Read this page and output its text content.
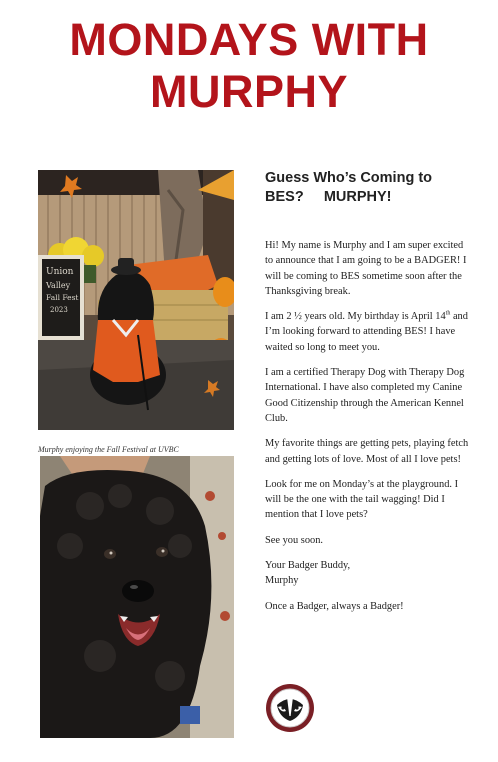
MONDAYS WITH
MURPHY
Union
Valley
Fall Fest
2023
Murphy enjoying the Fall Festival at UVBC
Guess Who’s Coming to
BES?     MURPHY!

Hi! My name is Murphy and I am super excited to announce that I am going to be a BADGER! I will be coming to BES sometime soon after the Thanksgiving break.

I am 2 ½ years old. My birthday is April 14th and I’m looking forward to attending BES! I have waited so long to meet you.

I am a certified Therapy Dog with Therapy Dog International. I have also completed my Canine Good Citizenship through the American Kennel Club.

My favorite things are getting pets, playing fetch and getting lots of love. Most of all I love pets!

Look for me on Monday’s at the playground. I will be the one with the tail wagging! Did I mention that I love pets?

See you soon.

Your Badger Buddy,
Murphy

Once a Badger, always a Badger!
